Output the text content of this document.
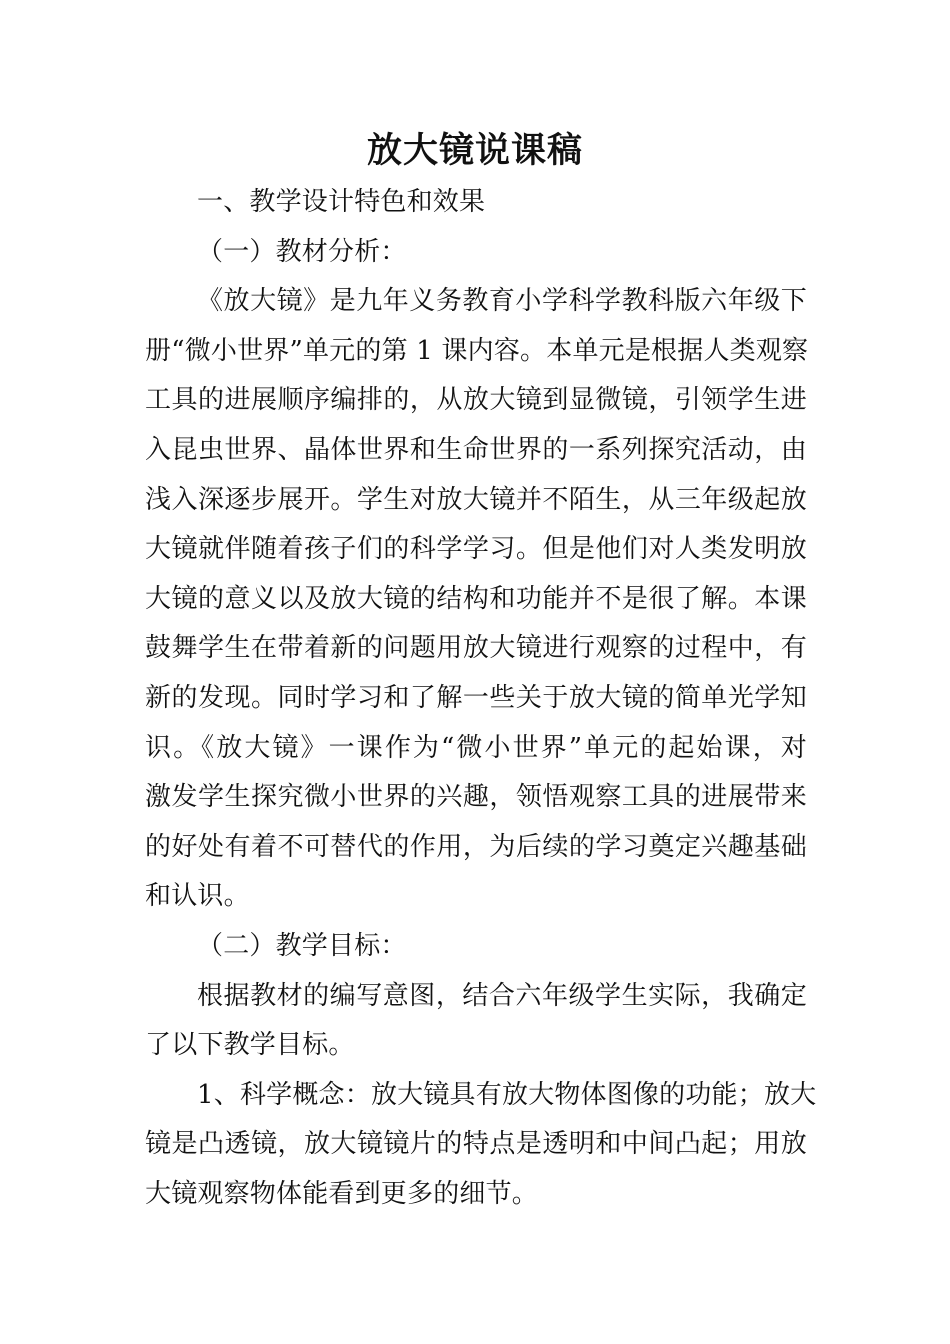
放大镜说课稿
一、教学设计特色和效果
（一）教材分析：
《放大镜》是九年义务教育小学科学教科版六年级下
册“微小世界”单元的第 1 课内容。本单元是根据人类观察
工具的进展顺序编排的，从放大镜到显微镜，引领学生进
入昆虫世界、晶体世界和生命世界的一系列探究活动，由
浅入深逐步展开。学生对放大镜并不陌生，从三年级起放
大镜就伴随着孩子们的科学学习。但是他们对人类发明放
大镜的意义以及放大镜的结构和功能并不是很了解。本课
鼓舞学生在带着新的问题用放大镜进行观察的过程中，有
新的发现。同时学习和了解一些关于放大镜的简单光学知
识。《放大镜》一课作为“微小世界”单元的起始课，对
激发学生探究微小世界的兴趣，领悟观察工具的进展带来
的好处有着不可替代的作用，为后续的学习奠定兴趣基础
和认识。
（二）教学目标：
根据教材的编写意图，结合六年级学生实际，我确定
了以下教学目标。
1、科学概念：放大镜具有放大物体图像的功能；放大
镜是凸透镜，放大镜镜片的特点是透明和中间凸起；用放
大镜观察物体能看到更多的细节。
